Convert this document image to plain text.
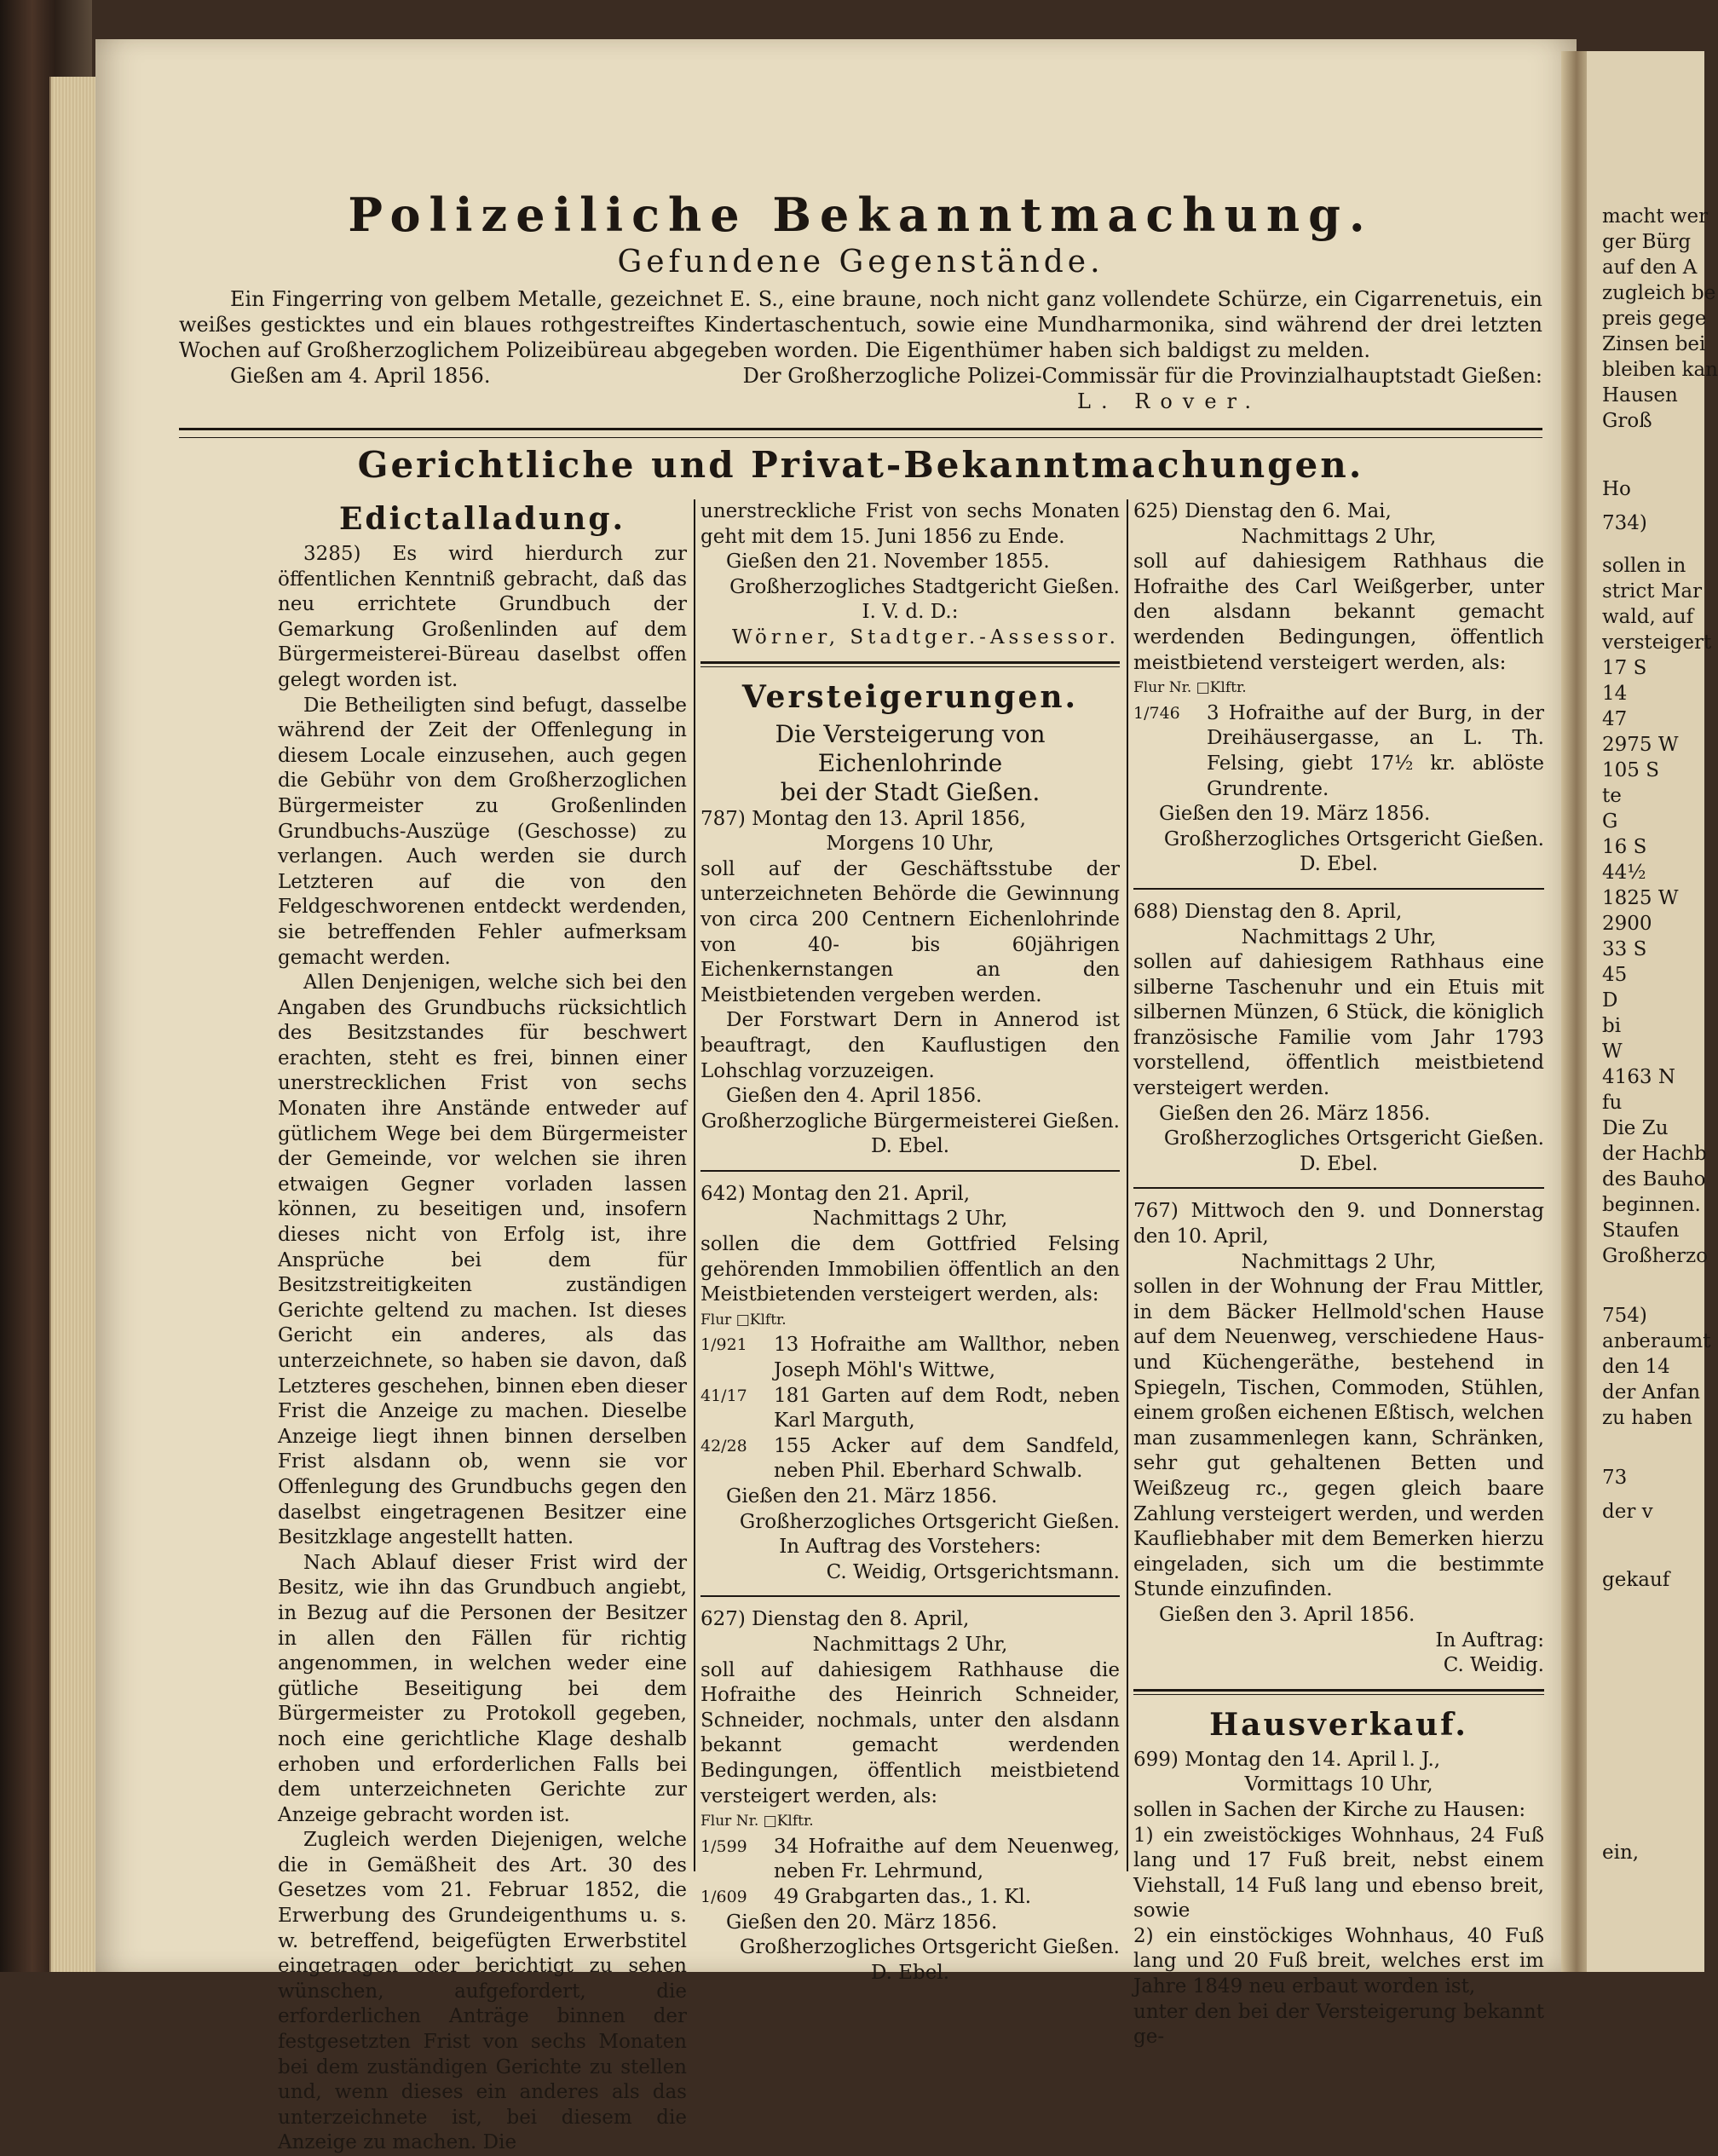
Polizeiliche Bekanntmachung.
Gefundene Gegenstände.

Ein Fingerring von gelbem Metalle, gezeichnet E. S., eine braune, noch nicht ganz vollendete Schürze, ein Cigarrenetuis, ein weißes gesticktes und ein blaues rothgestreiftes Kindertaschentuch, sowie eine Mundharmonika, sind während der drei letzten Wochen auf Großherzoglichem Polizeibüreau abgegeben worden. Die Eigenthümer haben sich baldigst zu melden.

Gießen am 4. April 1856.	Der Großherzogliche Polizei-Commissär für die Provinzialhauptstadt Gießen:
L. Rover.
Gerichtliche und Privat-Bekanntmachungen.
Edictalladung.

3285) Es wird hierdurch zur öffentlichen Kenntniß gebracht, daß das neu errichtete Grundbuch der Gemarkung Großenlinden auf dem Bürgermeisterei-Büreau daselbst offen gelegt worden ist.

Die Betheiligten sind befugt, dasselbe während der Zeit der Offenlegung in diesem Locale einzusehen, auch gegen die Gebühr von dem Großherzoglichen Bürgermeister zu Großenlinden Grundbuchs-Auszüge (Geschosse) zu verlangen. Auch werden sie durch Letzteren auf die von den Feldgeschworenen entdeckt werdenden, sie betreffenden Fehler aufmerksam gemacht werden.

Allen Denjenigen, welche sich bei den Angaben des Grundbuchs rücksichtlich des Besitzstandes für beschwert erachten, steht es frei, binnen einer unerstrecklichen Frist von sechs Monaten ihre Anstände entweder auf gütlichem Wege bei dem Bürgermeister der Gemeinde, vor welchen sie ihren etwaigen Gegner vorladen lassen können, zu beseitigen und, insofern dieses nicht von Erfolg ist, ihre Ansprüche bei dem für Besitzstreitigkeiten zuständigen Gerichte geltend zu machen. Ist dieses Gericht ein anderes, als das unterzeichnete, so haben sie davon, daß Letzteres geschehen, binnen eben dieser Frist die Anzeige zu machen. Dieselbe Anzeige liegt ihnen binnen derselben Frist alsdann ob, wenn sie vor Offenlegung des Grundbuchs gegen den daselbst eingetragenen Besitzer eine Besitzklage angestellt hatten.

Nach Ablauf dieser Frist wird der Besitz, wie ihn das Grundbuch angiebt, in Bezug auf die Personen der Besitzer in allen den Fällen für richtig angenommen, in welchen weder eine gütliche Beseitigung bei dem Bürgermeister zu Protokoll gegeben, noch eine gerichtliche Klage deshalb erhoben und erforderlichen Falls bei dem unterzeichneten Gerichte zur Anzeige gebracht worden ist.

Zugleich werden Diejenigen, welche die in Gemäßheit des Art. 30 des Gesetzes vom 21. Februar 1852, die Erwerbung des Grundeigenthums u. s. w. betreffend, beigefügten Erwerbstitel eingetragen oder berichtigt zu sehen wünschen, aufgefordert, die erforderlichen Anträge binnen der festgesetzten Frist von sechs Monaten bei dem zuständigen Gerichte zu stellen und, wenn dieses ein anderes als das unterzeichnete ist, bei diesem die Anzeige zu machen. Die

unerstreckliche Frist von sechs Monaten geht mit dem 15. Juni 1856 zu Ende.

Gießen den 21. November 1855.

Großherzogliches Stadtgericht Gießen.

I. V. d. D.:

Wörner, Stadtger.-Assessor.

Versteigerungen.
Die Versteigerung von Eichenlohrinde
bei der Stadt Gießen.

787) Montag den 13. April 1856,

Morgens 10 Uhr,

soll auf der Geschäftsstube der unterzeichneten Behörde die Gewinnung von circa 200 Centnern Eichenlohrinde von 40- bis 60jährigen Eichenkernstangen an den Meistbietenden vergeben werden.

Der Forstwart Dern in Annerod ist beauftragt, den Kauflustigen den Lohschlag vorzuzeigen.

Gießen den 4. April 1856.

Großherzogliche Bürgermeisterei Gießen.

D. Ebel.

642) Montag den 21. April,

Nachmittags 2 Uhr,

sollen die dem Gottfried Felsing gehörenden Immobilien öffentlich an den Meistbietenden versteigert werden, als:

Flur □Klftr.

1/921	13 Hofraithe am Wallthor, neben Joseph Möhl's Wittwe,
41/17	181 Garten auf dem Rodt, neben Karl Marguth,
42/28	155 Acker auf dem Sandfeld, neben Phil. Eberhard Schwalb.

Gießen den 21. März 1856.

Großherzogliches Ortsgericht Gießen.

In Auftrag des Vorstehers:

C. Weidig, Ortsgerichtsmann.

627) Dienstag den 8. April,

Nachmittags 2 Uhr,

soll auf dahiesigem Rathhause die Hofraithe des Heinrich Schneider, Schneider, nochmals, unter den alsdann bekannt gemacht werdenden Bedingungen, öffentlich meistbietend versteigert werden, als:

Flur Nr. □Klftr.

1/599	34 Hofraithe auf dem Neuenweg, neben Fr. Lehrmund,
1/609	49 Grabgarten das., 1. Kl.

Gießen den 20. März 1856.

Großherzogliches Ortsgericht Gießen.

D. Ebel.

625) Dienstag den 6. Mai,

Nachmittags 2 Uhr,

soll auf dahiesigem Rathhaus die Hofraithe des Carl Weißgerber, unter den alsdann bekannt gemacht werdenden Bedingungen, öffentlich meistbietend versteigert werden, als:

Flur Nr. □Klftr.

1/746	3 Hofraithe auf der Burg, in der Dreihäusergasse, an L. Th. Felsing, giebt 17½ kr. ablöste Grundrente.

Gießen den 19. März 1856.

Großherzogliches Ortsgericht Gießen.

D. Ebel.

688) Dienstag den 8. April,

Nachmittags 2 Uhr,

sollen auf dahiesigem Rathhaus eine silberne Taschenuhr und ein Etuis mit silbernen Münzen, 6 Stück, die königlich französische Familie vom Jahr 1793 vorstellend, öffentlich meistbietend versteigert werden.

Gießen den 26. März 1856.

Großherzogliches Ortsgericht Gießen.

D. Ebel.

767) Mittwoch den 9. und Donnerstag den 10. April,

Nachmittags 2 Uhr,

sollen in der Wohnung der Frau Mittler, in dem Bäcker Hellmold'schen Hause auf dem Neuenweg, verschiedene Haus- und Küchengeräthe, bestehend in Spiegeln, Tischen, Commoden, Stühlen, einem großen eichenen Eßtisch, welchen man zusammenlegen kann, Schränken, sehr gut gehaltenen Betten und Weißzeug rc., gegen gleich baare Zahlung versteigert werden, und werden Kaufliebhaber mit dem Bemerken hierzu eingeladen, sich um die bestimmte Stunde einzufinden.

Gießen den 3. April 1856.

In Auftrag:

C. Weidig.

Hausverkauf.

699) Montag den 14. April l. J.,

Vormittags 10 Uhr,

sollen in Sachen der Kirche zu Hausen:

1) ein zweistöckiges Wohnhaus, 24 Fuß lang und 17 Fuß breit, nebst einem Viehstall, 14 Fuß lang und ebenso breit, sowie

2) ein einstöckiges Wohnhaus, 40 Fuß lang und 20 Fuß breit, welches erst im Jahre 1849 neu erbaut worden ist,

unter den bei der Versteigerung bekannt ge-

macht wer
ger Bürg
auf den A
zugleich be
preis gege
Zinsen bei
bleiben kan
Hausen
Groß
Ho
734)
sollen in
strict Mar
wald, auf
versteigert
17 S
14
47
2975 W
105 S
te
G
16 S
44½
1825 W
2900
33 S
45
D
bi
W
4163 N
fu
Die Zu
der Hachb
des Bauho
beginnen.
Staufen
Großherzo
754)
anberaumt
den 14
der Anfan
zu haben
73
der v
gekauf
ein,
